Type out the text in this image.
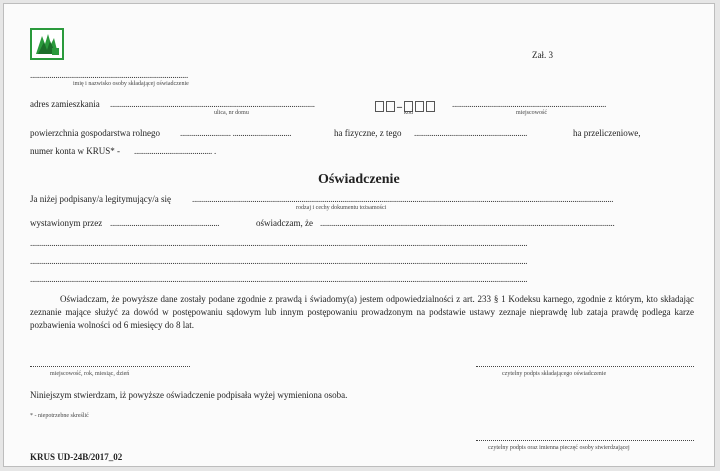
Zał. 3
.................................................................................
imię i nazwisko osoby składającej oświadczenie
adres zamieszkania .........................................................................................................	–	...............................................................................
ulica, nr domu	kod	miejscowość
powierzchnia gospodarstwa rolnego .......................... ..............................	ha fizyczne, z tego ..........................................................	ha przeliczeniowe,
numer konta w KRUS* - ........................................ .
Oświadczenie
Ja niżej podpisany/a legitymujący/a się ........................................................................................................................................................................................................................
rodzaj i cechy dokumentu tożsamości
wystawionym przez ........................................................	oświadczam, że .......................................................................................................................................................
...............................................................................................................................................................................................................................................................
...............................................................................................................................................................................................................................................................
...............................................................................................................................................................................................................................................................
Oświadczam, że powyższe dane zostały podane zgodnie z prawdą i świadomy(a) jestem odpowiedzialności z art. 233 § 1 Kodeksu karnego, zgodnie z którym, kto składając zeznanie mające służyć za dowód w postępowaniu sądowym lub innym postępowaniu prowadzonym na podstawie ustawy zeznaje nieprawdę lub zataja prawdę podlega karze pozbawienia wolności od 6 miesięcy do 8 lat.
miejscowość, rok, miesiąc, dzień	czytelny podpis składającego oświadczenie
Niniejszym stwierdzam, iż powyższe oświadczenie podpisała wyżej wymieniona osoba.
* - niepotrzebne skreślić
czytelny podpis oraz imienna pieczęć osoby stwierdzającej
KRUS UD-24B/2017_02
